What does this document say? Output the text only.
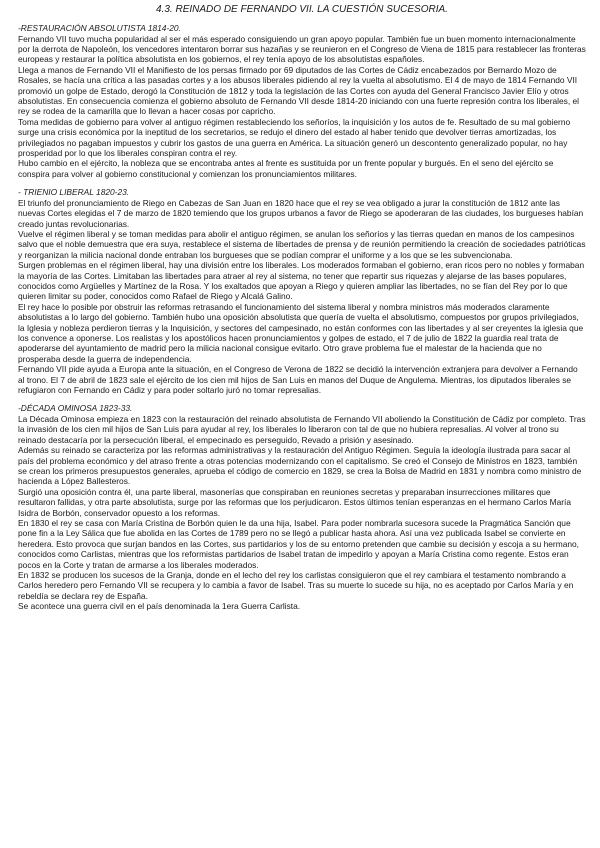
4.3. REINADO DE FERNANDO VII. LA CUESTIÓN SUCESORIA.

-RESTAURACIÓN ABSOLUTISTA 1814-20.

Fernando VII tuvo mucha popularidad al ser el más esperado consiguiendo un gran apoyo popular. También fue un buen momento internacionalmente por la derrota de Napoleón, los vencedores intentaron borrar sus hazañas y se reunieron en el Congreso de Viena de 1815 para restablecer las fronteras europeas y restaurar la política absolutista en los gobiernos, el rey tenía apoyo de los absolutistas españoles.

Llega a manos de Fernando VII el Manifiesto de los persas firmado por 69 diputados de las Cortes de Cádiz encabezados por Bernardo Mozo de Rosales, se hacía una crítica a las pasadas cortes y a los abusos liberales pidiendo al rey la vuelta al absolutismo. El 4 de mayo de 1814 Fernando VII promovió un golpe de Estado, derogó la Constitución de 1812 y toda la legislación de las Cortes con ayuda del General Francisco Javier Elío y otros absolutistas. En consecuencia comienza el gobierno absoluto de Fernando VII desde 1814-20 iniciando con una fuerte represión contra los liberales, el rey se rodea de la camarilla que lo llevan a hacer cosas por capricho.

Toma medidas de gobierno para volver al antiguo régimen restableciendo los señoríos, la inquisición y los autos de fe. Resultado de su mal gobierno surge una crisis económica por la ineptitud de los secretarios, se redujo el dinero del estado al haber tenido que devolver tierras amortizadas, los privilegiados no pagaban impuestos y cubrir los gastos de una guerra en América. La situación generó un descontento generalizado popular, no hay prosperidad por lo que los liberales conspiran contra el rey.

Hubo cambio en el ejército, la nobleza que se encontraba antes al frente es sustituida por un frente popular y burgués. En el seno del ejército se conspira para volver al gobierno constitucional y comienzan los pronunciamientos militares.

- TRIENIO LIBERAL 1820-23.

El triunfo del pronunciamiento de Riego en Cabezas de San Juan en 1820 hace que el rey se vea obligado a jurar la constitución de 1812 ante las nuevas Cortes elegidas el 7 de marzo de 1820 temiendo que los grupos urbanos a favor de Riego se apoderaran de las ciudades, los burgueses habían creado juntas revolucionarias.

Vuelve el régimen liberal y se toman medidas para abolir el antiguo régimen, se anulan los señoríos y las tierras quedan en manos de los campesinos salvo que el noble demuestra que era suya, restablece el sistema de libertades de prensa y de reunión permitiendo la creación de sociedades patrióticas y reorganizan la milicia nacional donde entraban los burgueses que se podían comprar el uniforme y a los que se les subvencionaba.

Surgen problemas en el régimen liberal, hay una división entre los liberales. Los moderados formaban el gobierno, eran ricos pero no nobles y formaban la mayoría de las Cortes. Limitaban las libertades para atraer al rey al sistema, no tener que repartir sus riquezas y alejarse de las bases populares, conocidos como Argüelles y Martínez de la Rosa. Y los exaltados que apoyan a Riego y quieren ampliar las libertades, no se fían del Rey por lo que quieren limitar su poder, conocidos como Rafael de Riego y Alcalá Galino.

El rey hace lo posible por obstruir las reformas retrasando el funcionamiento del sistema liberal y nombra ministros más moderados claramente absolutistas a lo largo del gobierno. También hubo una oposición absolutista que quería de vuelta el absolutismo, compuestos por grupos privilegiados, la Iglesia y nobleza perdieron tierras y la Inquisición, y sectores del campesinado, no están conformes con las libertades y al ser creyentes la iglesia que los convence a oponerse. Los realistas y los apostólicos hacen pronunciamientos y golpes de estado, el 7 de julio de 1822 la guardia real trata de apoderarse del ayuntamiento de madrid pero la milicia nacional consigue evitarlo. Otro grave problema fue el malestar de la hacienda que no prosperaba desde la guerra de independencia.

Fernando VII pide ayuda a Europa ante la situación, en el Congreso de Verona de 1822 se decidió la intervención extranjera para devolver a Fernando al trono. El 7 de abril de 1823 sale el ejército de los cien mil hijos de San Luis en manos del Duque de Angulema. Mientras, los diputados liberales se refugiaron con Fernando en Cádiz y para poder soltarlo juró no tomar represalias.

-DÉCADA OMINOSA 1823-33.

La Década Ominosa empieza en 1823 con la restauración del reinado absolutista de Fernando VII aboliendo la Constitución de Cádiz por completo. Tras la invasión de los cien mil hijos de San Luis para ayudar al rey, los liberales lo liberaron con tal de que no hubiera represalias. Al volver al trono su reinado destacaría por la persecución liberal, el empecinado es perseguido, Revado a prisión y asesinado.

Además su reinado se caracteriza por las reformas administrativas y la restauración del Antiguo Régimen. Seguía la ideología ilustrada para sacar al país del problema económico y del atraso frente a otras potencias modernizando con el capitalismo. Se creó el Consejo de Ministros en 1823, también se crean los primeros presupuestos generales, aprueba el código de comercio en 1829, se crea la Bolsa de Madrid en 1831 y nombra como ministro de hacienda a López Ballesteros.

Surgió una oposición contra él, una parte liberal, masonerías que conspiraban en reuniones secretas y preparaban insurrecciones militares que resultaron fallidas, y otra parte absolutista, surge por las reformas que los perjudicaron. Estos últimos tenían esperanzas en el hermano Carlos María Isidra de Borbón, conservador opuesto a los reformas.

En 1830 el rey se casa con María Cristina de Borbón quien le da una hija, Isabel. Para poder nombrarla sucesora sucede la Pragmática Sanción que pone fin a la Ley Sálica que fue abolida en las Cortes de 1789 pero no se llegó a publicar hasta ahora. Así una vez publicada Isabel se convierte en heredera. Esto provoca que surjan bandos en las Cortes, sus partidarios y los de su entorno pretenden que cambie su decisión y escoja a su hermano, conocidos como Carlistas, mientras que los reformistas partidarios de Isabel tratan de impedirlo y apoyan a María Cristina como regente. Estos eran pocos en la Corte y tratan de armarse a los liberales moderados.

En 1832 se producen los sucesos de la Granja, donde en el lecho del rey los carlistas consiguieron que el rey cambiara el testamento nombrando a Carlos heredero pero Fernando VII se recupera y lo cambia a favor de Isabel. Tras su muerte lo sucede su hija, no es aceptado por Carlos María y en rebeldía se declara rey de España.

Se acontece una guerra civil en el país denominada la 1era Guerra Carlista.
